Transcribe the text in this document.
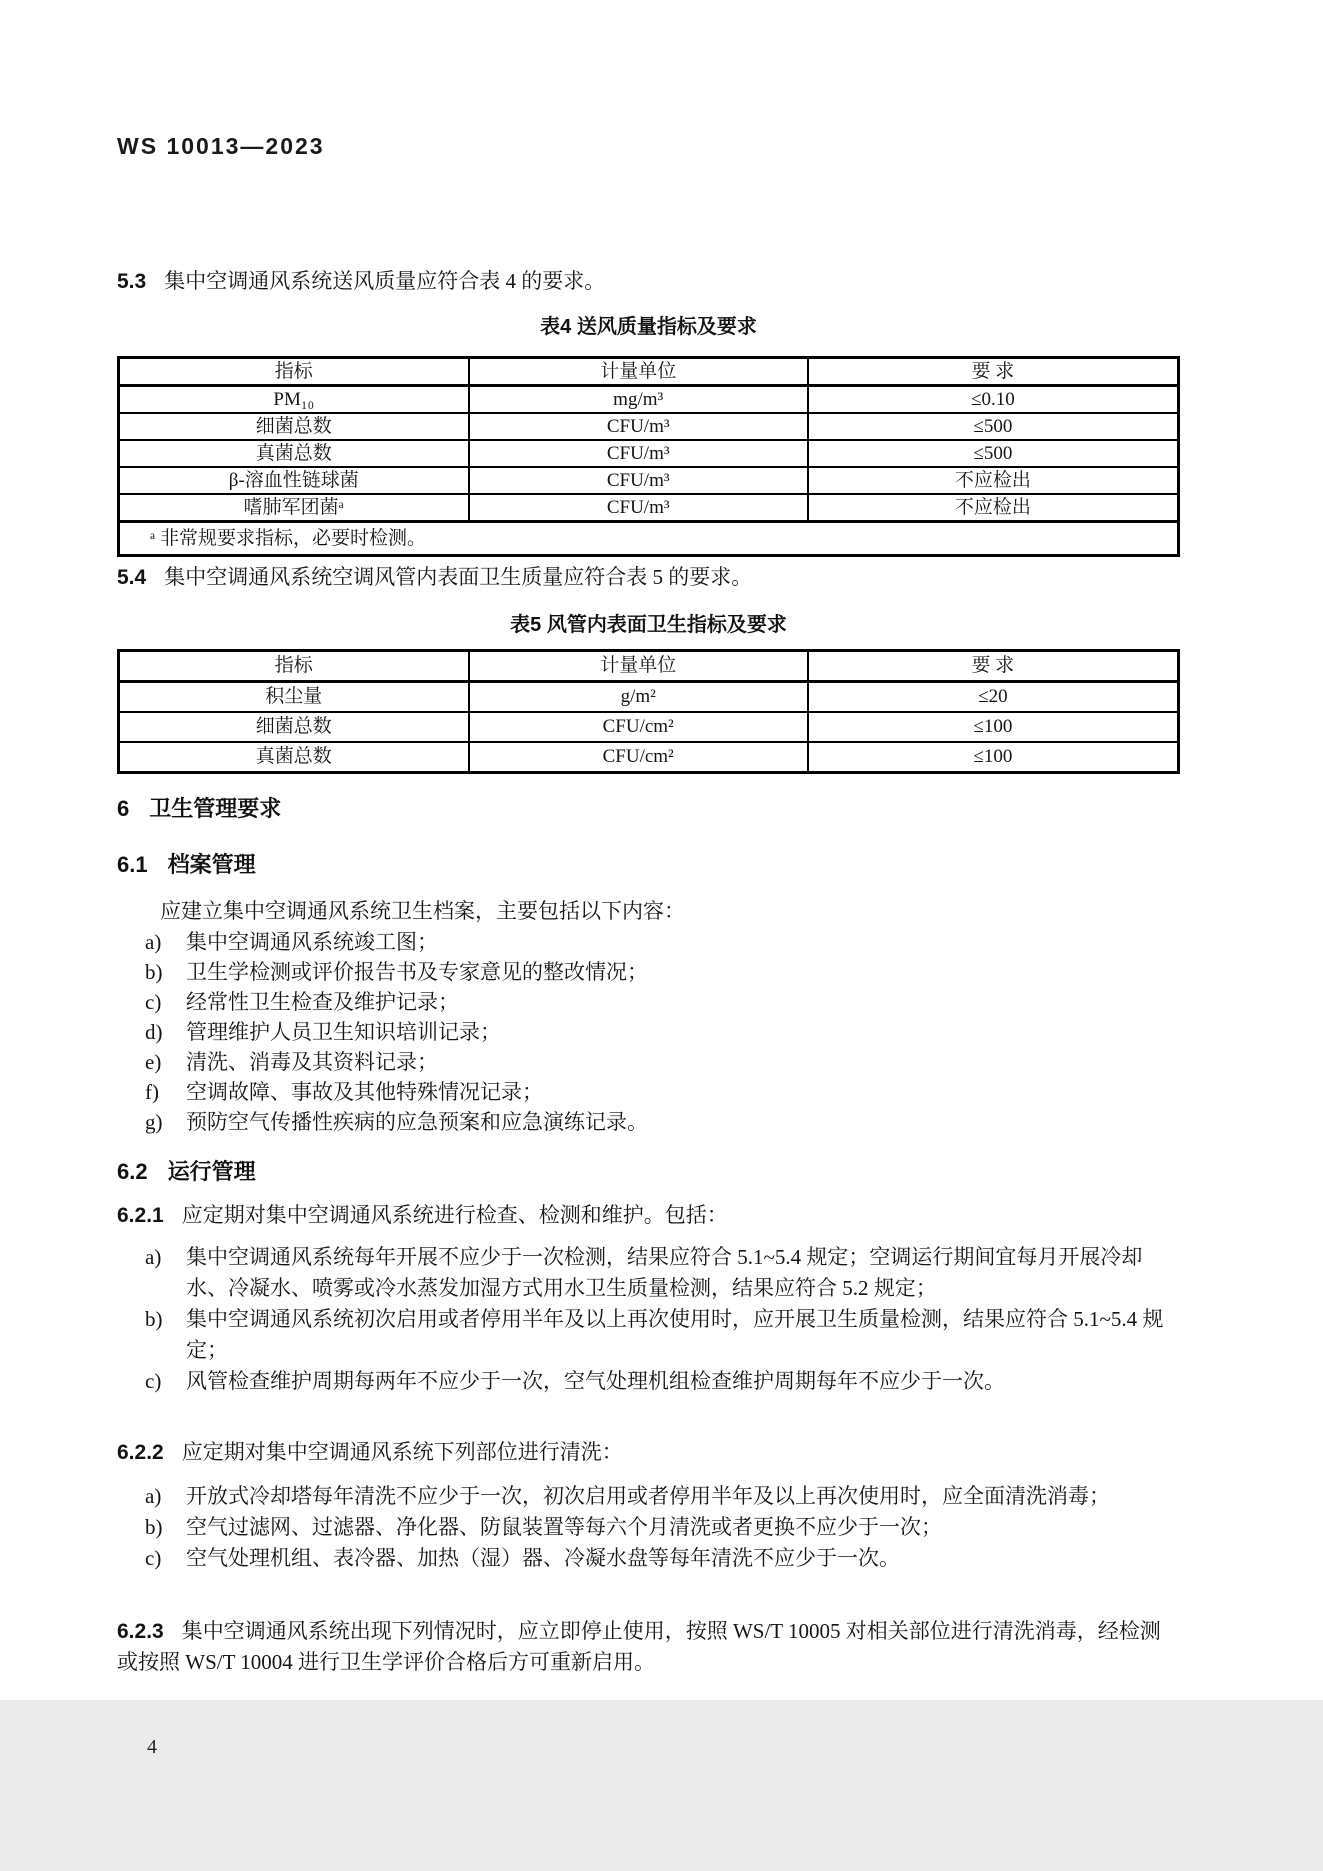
WS 10013—2023
5.3 集中空调通风系统送风质量应符合表 4 的要求。
表4 送风质量指标及要求
指标	计量单位	要 求
PM₁₀	mg/m³	≤0.10
细菌总数	CFU/m³	≤500
真菌总数	CFU/m³	≤500
β-溶血性链球菌	CFU/m³	不应检出
嗜肺军团菌ᵃ	CFU/m³	不应检出
ᵃ 非常规要求指标，必要时检测。		
5.4 集中空调通风系统空调风管内表面卫生质量应符合表 5 的要求。
表5 风管内表面卫生指标及要求
指标	计量单位	要 求
积尘量	g/m²	≤20
细菌总数	CFU/cm²	≤100
真菌总数	CFU/cm²	≤100
6 卫生管理要求
6.1 档案管理
应建立集中空调通风系统卫生档案，主要包括以下内容：
a)	集中空调通风系统竣工图；
b)	卫生学检测或评价报告书及专家意见的整改情况；
c)	经常性卫生检查及维护记录；
d)	管理维护人员卫生知识培训记录；
e)	清洗、消毒及其资料记录；
f)	空调故障、事故及其他特殊情况记录；
g)	预防空气传播性疾病的应急预案和应急演练记录。
6.2 运行管理
6.2.1 应定期对集中空调通风系统进行检查、检测和维护。包括：
a)	集中空调通风系统每年开展不应少于一次检测，结果应符合 5.1~5.4 规定；空调运行期间宜每月开展冷却水、冷凝水、喷雾或冷水蒸发加湿方式用水卫生质量检测，结果应符合 5.2 规定；
b)	集中空调通风系统初次启用或者停用半年及以上再次使用时，应开展卫生质量检测，结果应符合 5.1~5.4 规定；
c)	风管检查维护周期每两年不应少于一次，空气处理机组检查维护周期每年不应少于一次。
6.2.2 应定期对集中空调通风系统下列部位进行清洗：
a)	开放式冷却塔每年清洗不应少于一次，初次启用或者停用半年及以上再次使用时，应全面清洗消毒；
b)	空气过滤网、过滤器、净化器、防鼠装置等每六个月清洗或者更换不应少于一次；
c)	空气处理机组、表冷器、加热（湿）器、冷凝水盘等每年清洗不应少于一次。
6.2.3 集中空调通风系统出现下列情况时，应立即停止使用，按照 WS/T 10005 对相关部位进行清洗消毒，经检测或按照 WS/T 10004 进行卫生学评价合格后方可重新启用。
4
